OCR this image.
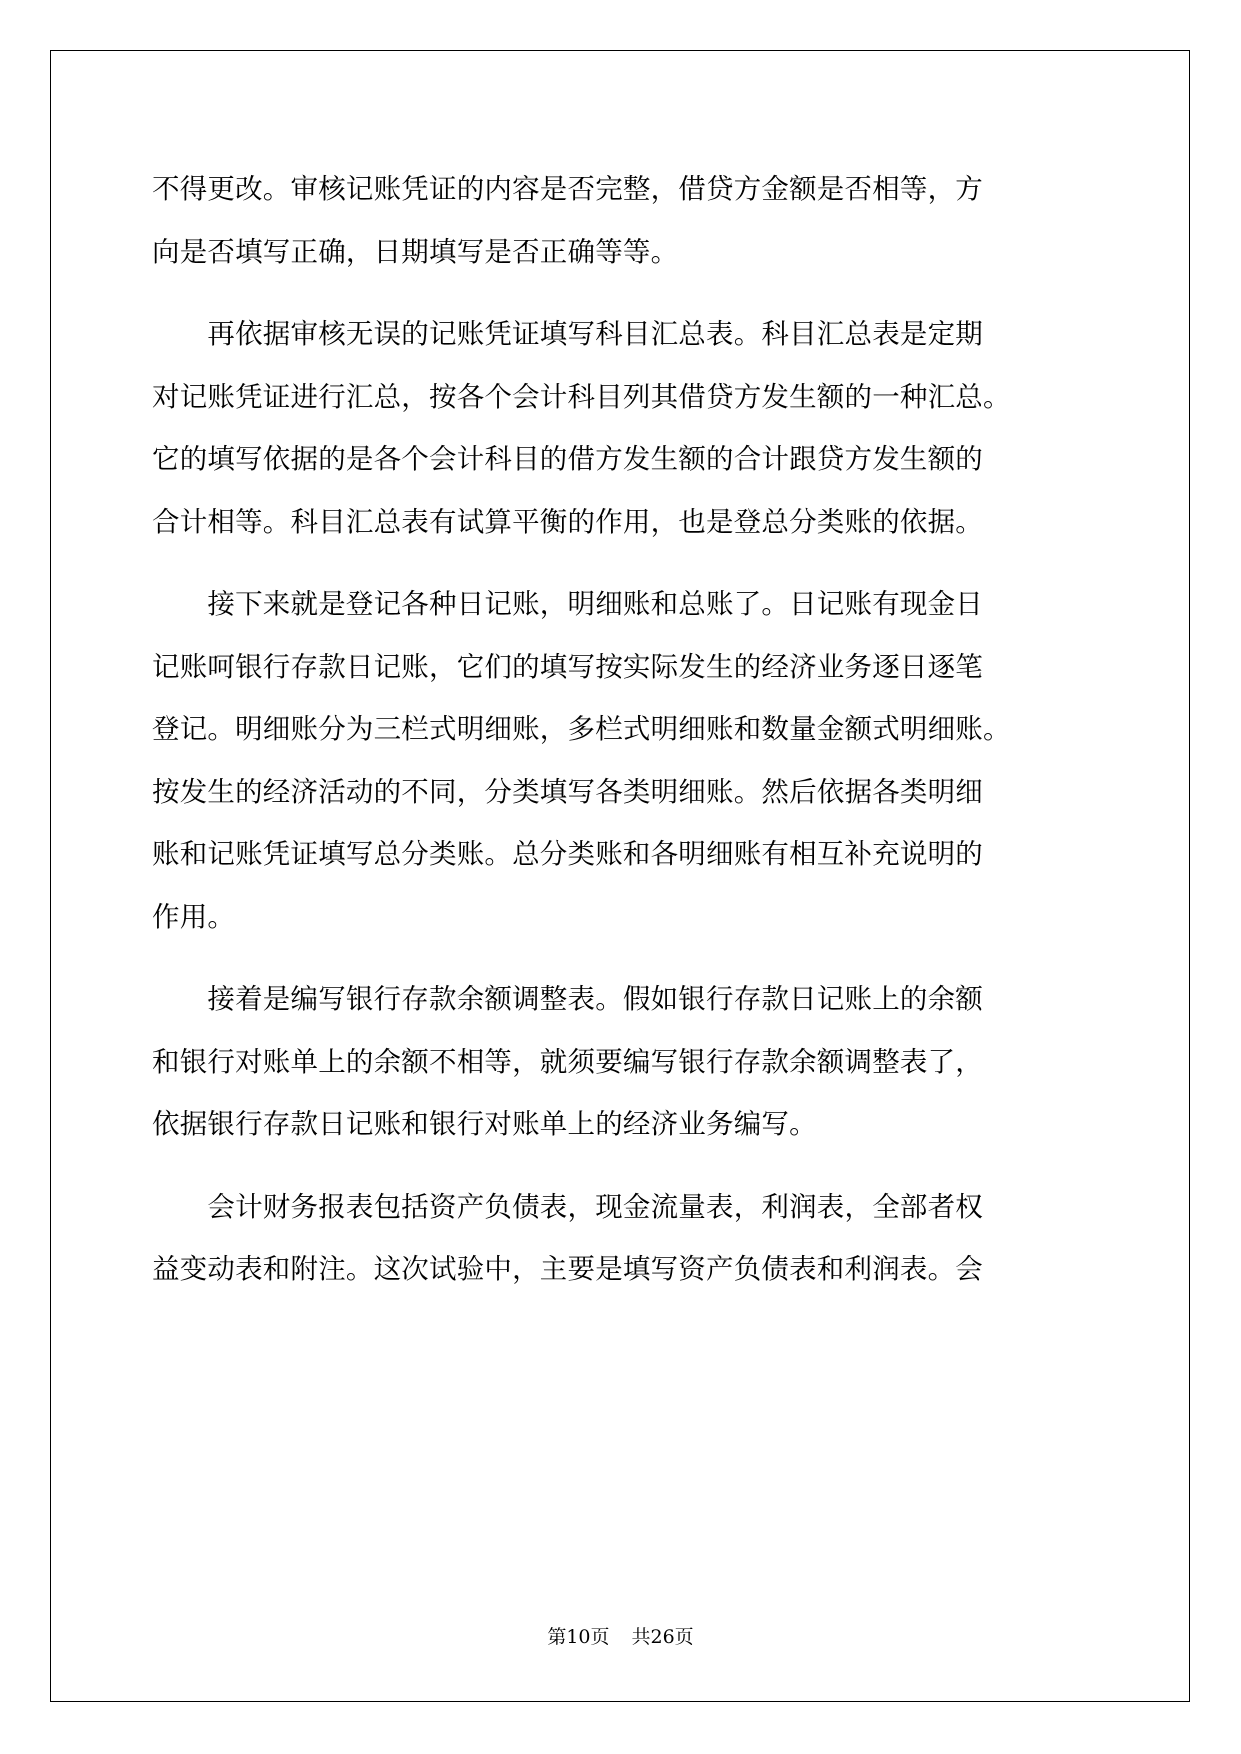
不得更改。审核记账凭证的内容是否完整，借贷方金额是否相等，方
向是否填写正确，日期填写是否正确等等。
　　再依据审核无误的记账凭证填写科目汇总表。科目汇总表是定期
对记账凭证进行汇总，按各个会计科目列其借贷方发生额的一种汇总。
它的填写依据的是各个会计科目的借方发生额的合计跟贷方发生额的
合计相等。科目汇总表有试算平衡的作用，也是登总分类账的依据。
　　接下来就是登记各种日记账，明细账和总账了。日记账有现金日
记账呵银行存款日记账，它们的填写按实际发生的经济业务逐日逐笔
登记。明细账分为三栏式明细账，多栏式明细账和数量金额式明细账。
按发生的经济活动的不同，分类填写各类明细账。然后依据各类明细
账和记账凭证填写总分类账。总分类账和各明细账有相互补充说明的
作用。
　　接着是编写银行存款余额调整表。假如银行存款日记账上的余额
和银行对账单上的余额不相等，就须要编写银行存款余额调整表了，
依据银行存款日记账和银行对账单上的经济业务编写。
　　会计财务报表包括资产负债表，现金流量表，利润表，全部者权
益变动表和附注。这次试验中，主要是填写资产负债表和利润表。会
第10页 共26页
